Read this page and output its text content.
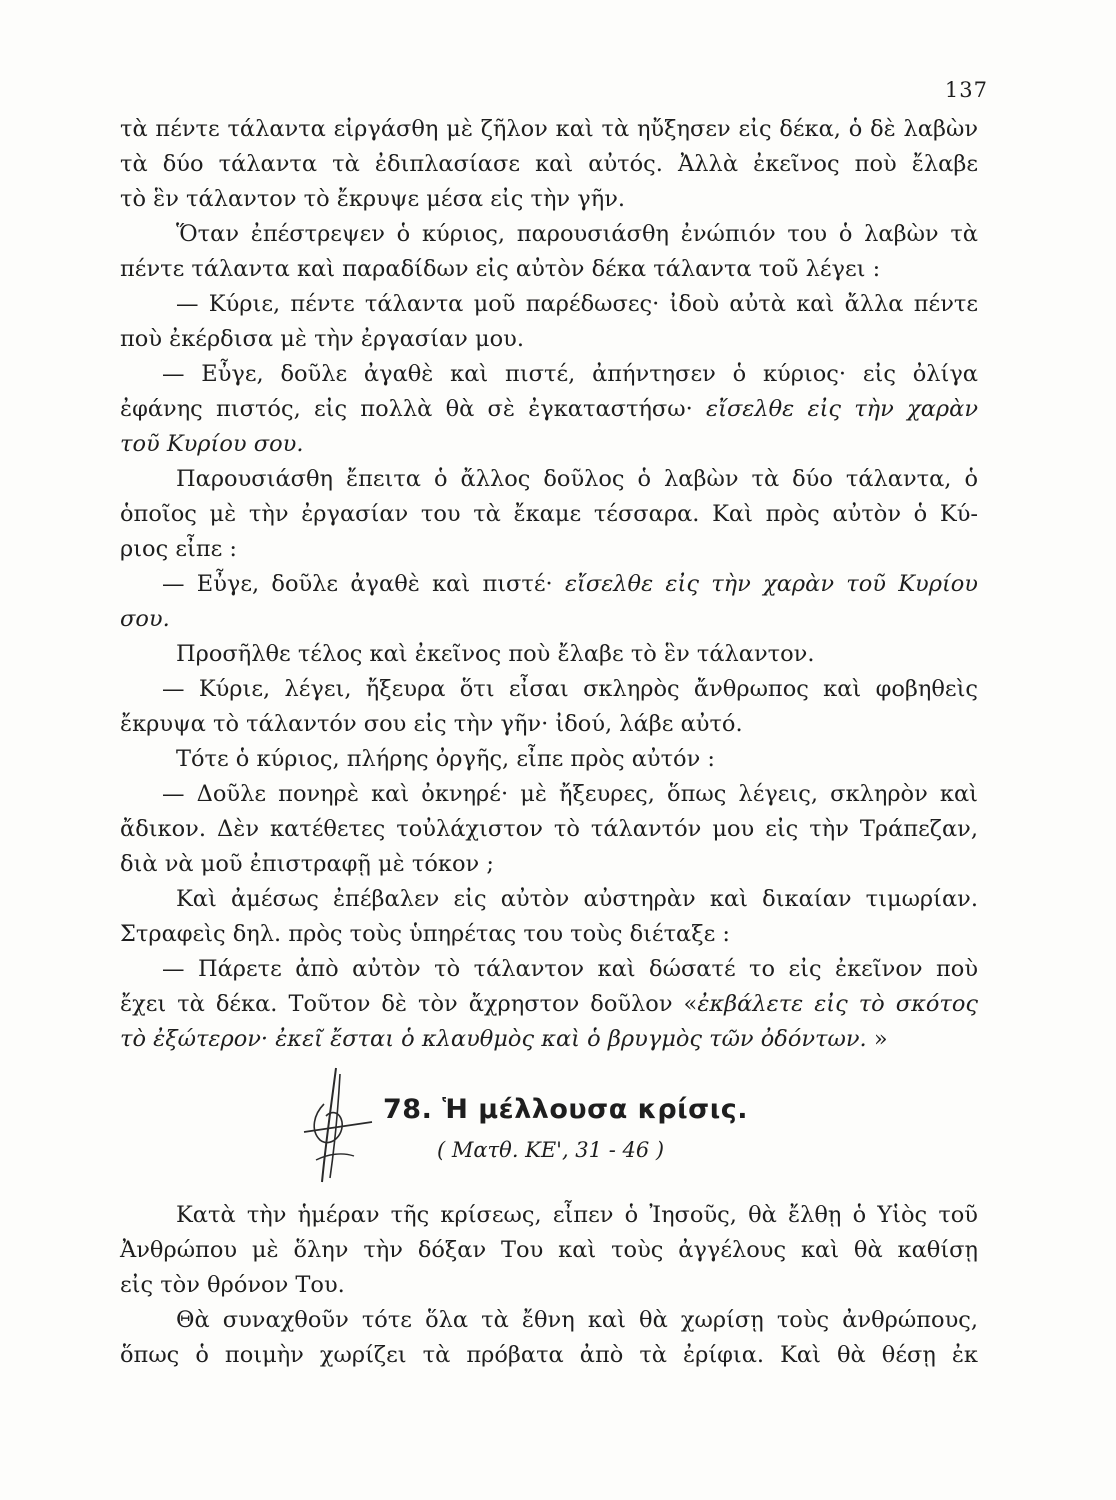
137
τὰ πέντε τάλαντα εἰργάσθη μὲ ζῆλον καὶ τὰ ηὔξησεν εἰς δέκα, ὁ δὲ λαβὼν
τὰ δύο τάλαντα τὰ ἐδιπλασίασε καὶ αὐτός. Ἀλλὰ ἐκεῖνος ποὺ ἔλαβε
τὸ ἓν τάλαντον τὸ ἔκρυψε μέσα εἰς τὴν γῆν.
Ὅταν ἐπέστρεψεν ὁ κύριος, παρουσιάσθη ἐνώπιόν του ὁ λαβὼν τὰ
πέντε τάλαντα καὶ παραδίδων εἰς αὐτὸν δέκα τάλαντα τοῦ λέγει :
— Κύριε, πέντε τάλαντα μοῦ παρέδωσες· ἰδοὺ αὐτὰ καὶ ἄλλα πέντε
ποὺ ἐκέρδισα μὲ τὴν ἐργασίαν μου.
— Εὖγε, δοῦλε ἀγαθὲ καὶ πιστέ, ἀπήντησεν ὁ κύριος· εἰς ὀλίγα
ἐφάνης πιστός, εἰς πολλὰ θὰ σὲ ἐγκαταστήσω· εἴσελθε εἰς τὴν χαρὰν
τοῦ Κυρίου σου.
Παρουσιάσθη ἔπειτα ὁ ἄλλος δοῦλος ὁ λαβὼν τὰ δύο τάλαντα, ὁ
ὁποῖος μὲ τὴν ἐργασίαν του τὰ ἔκαμε τέσσαρα. Καὶ πρὸς αὐτὸν ὁ Κύ-
ριος εἶπε :
— Εὖγε, δοῦλε ἀγαθὲ καὶ πιστέ· εἴσελθε εἰς τὴν χαρὰν τοῦ Κυρίου
σου.
Προσῆλθε τέλος καὶ ἐκεῖνος ποὺ ἔλαβε τὸ ἓν τάλαντον.
— Κύριε, λέγει, ἤξευρα ὅτι εἶσαι σκληρὸς ἄνθρωπος καὶ φοβηθεὶς
ἔκρυψα τὸ τάλαντόν σου εἰς τὴν γῆν· ἰδού, λάβε αὐτό.
Τότε ὁ κύριος, πλήρης ὀργῆς, εἶπε πρὸς αὐτόν :
— Δοῦλε πονηρὲ καὶ ὀκνηρέ· μὲ ἤξευρες, ὅπως λέγεις, σκληρὸν καὶ
ἄδικον. Δὲν κατέθετες τοὐλάχιστον τὸ τάλαντόν μου εἰς τὴν Τράπεζαν,
διὰ νὰ μοῦ ἐπιστραφῇ μὲ τόκον ;
Καὶ ἀμέσως ἐπέβαλεν εἰς αὐτὸν αὐστηρὰν καὶ δικαίαν τιμωρίαν.
Στραφεὶς δηλ. πρὸς τοὺς ὑπηρέτας του τοὺς διέταξε :
— Πάρετε ἀπὸ αὐτὸν τὸ τάλαντον καὶ δώσατέ το εἰς ἐκεῖνον ποὺ
ἔχει τὰ δέκα. Τοῦτον δὲ τὸν ἄχρηστον δοῦλον «ἐκβάλετε εἰς τὸ σκότος
τὸ ἐξώτερον· ἐκεῖ ἔσται ὁ κλαυθμὸς καὶ ὁ βρυγμὸς τῶν ὀδόντων. »
78. Ἡ μέλλουσα κρίσις.
( Ματθ. ΚΕ', 31 - 46 )
Κατὰ τὴν ἡμέραν τῆς κρίσεως, εἶπεν ὁ Ἰησοῦς, θὰ ἔλθῃ ὁ Υἱὸς τοῦ
Ἀνθρώπου μὲ ὅλην τὴν δόξαν Του καὶ τοὺς ἀγγέλους καὶ θὰ καθίσῃ
εἰς τὸν θρόνον Του.
Θὰ συναχθοῦν τότε ὅλα τὰ ἔθνη καὶ θὰ χωρίσῃ τοὺς ἀνθρώπους,
ὅπως ὁ ποιμὴν χωρίζει τὰ πρόβατα ἀπὸ τὰ ἐρίφια. Καὶ θὰ θέσῃ ἐκ
